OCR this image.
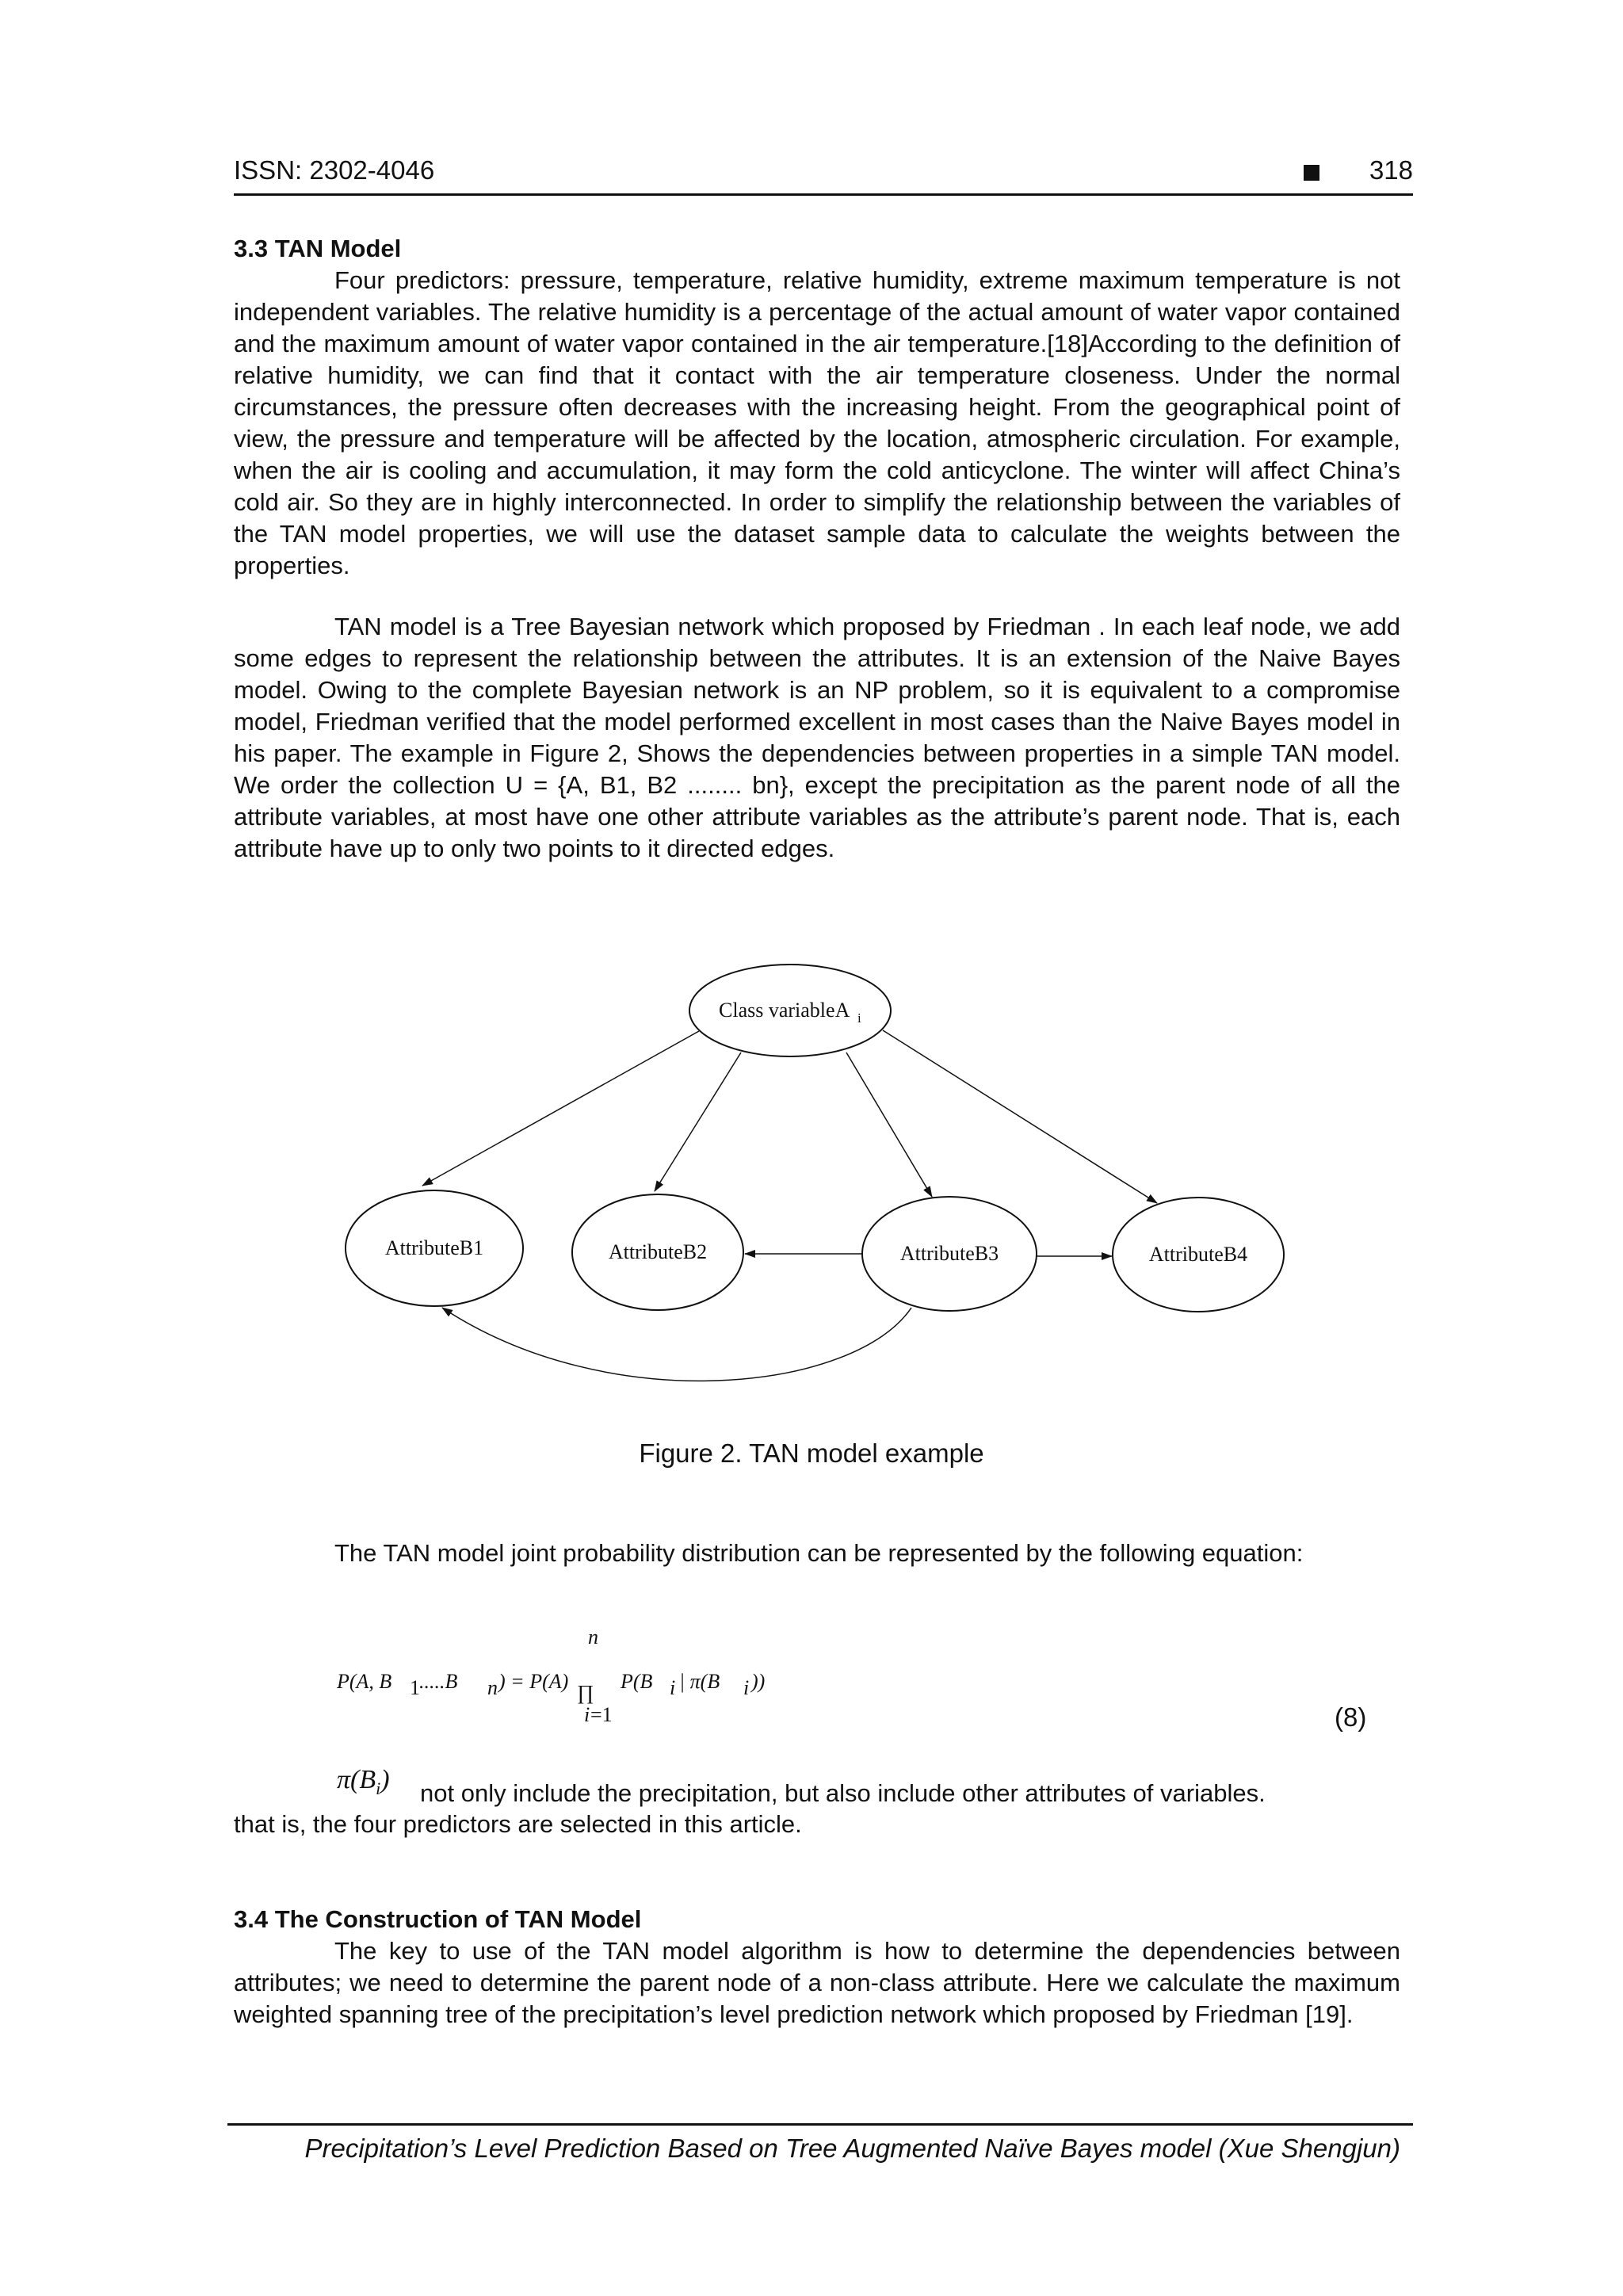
ISSN: 2302-4046	318
3.3 TAN Model

Four predictors: pressure, temperature, relative humidity, extreme maximum temperature is not independent variables. The relative humidity is a percentage of the actual amount of water vapor contained and the maximum amount of water vapor contained in the air temperature.[18]According to the definition of relative humidity, we can find that it contact with the air temperature closeness. Under the normal circumstances, the pressure often decreases with the increasing height. From the geographical point of view, the pressure and temperature will be affected by the location, atmospheric circulation. For example, when the air is cooling and accumulation, it may form the cold anticyclone. The winter will affect China’s cold air. So they are in highly interconnected. In order to simplify the relationship between the variables of the TAN model properties, we will use the dataset sample data to calculate the weights between the properties.

TAN model is a Tree Bayesian network which proposed by Friedman . In each leaf node, we add some edges to represent the relationship between the attributes. It is an extension of the Naive Bayes model. Owing to the complete Bayesian network is an NP problem, so it is equivalent to a compromise model, Friedman verified that the model performed excellent in most cases than the Naive Bayes model in his paper. The example in Figure 2, Shows the dependencies between properties in a simple TAN model. We order the collection U = {A, B1, B2 ........ bn}, except the precipitation as the parent node of all the attribute variables, at most have one other attribute variables as the attribute’s parent node. That is, each attribute have up to only two points to it directed edges.

Class variableA i
AttributeB1	AttributeB2	AttributeB3	AttributeB4
Figure 2. TAN model example

The TAN model joint probability distribution can be represented by the following equation:

P(A, B 1 .....B n ) = P(A)
n
∏
i =1
P(B i | π(B i ))
(8)
$\pi(B_i)$ not only include the precipitation, but also include other attributes of variables.
that is, the four predictors are selected in this article.
3.4 The Construction of TAN Model

The key to use of the TAN model algorithm is how to determine the dependencies between attributes; we need to determine the parent node of a non-class attribute. Here we calculate the maximum weighted spanning tree of the precipitation’s level prediction network which proposed by Friedman [19].

Precipitation’s Level Prediction Based on Tree Augmented Naïve Bayes model (Xue Shengjun)
